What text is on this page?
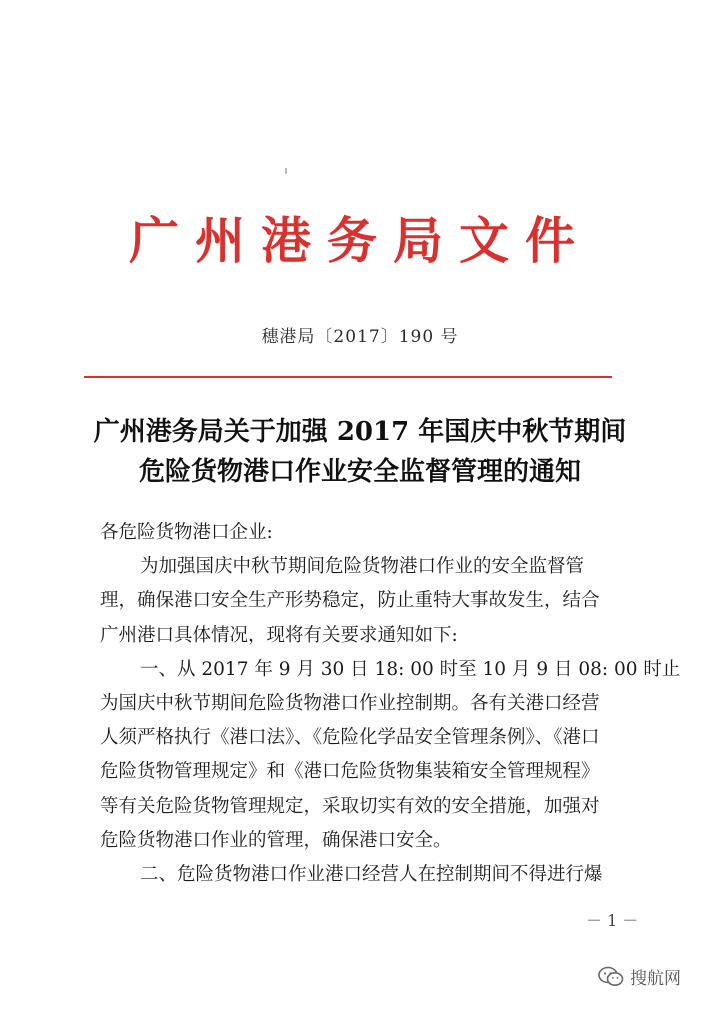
广州港务局文件
穗港局〔2017〕190 号
广州港务局关于加强 2017 年国庆中秋节期间
危险货物港口作业安全监督管理的通知
各危险货物港口企业:
为加强国庆中秋节期间危险货物港口作业的安全监督管
理，确保港口安全生产形势稳定，防止重特大事故发生，结合
广州港口具体情况，现将有关要求通知如下:
一、从 2017 年 9 月 30 日 18: 00 时至 10 月 9 日 08: 00 时止
为国庆中秋节期间危险货物港口作业控制期。各有关港口经营
人须严格执行《港口法》、《危险化学品安全管理条例》、《港口
危险货物管理规定》和《港口危险货物集装箱安全管理规程》
等有关危险货物管理规定，采取切实有效的安全措施，加强对
危险货物港口作业的管理，确保港口安全。
二、危险货物港口作业港口经营人在控制期间不得进行爆
－ 1 －
搜航网
